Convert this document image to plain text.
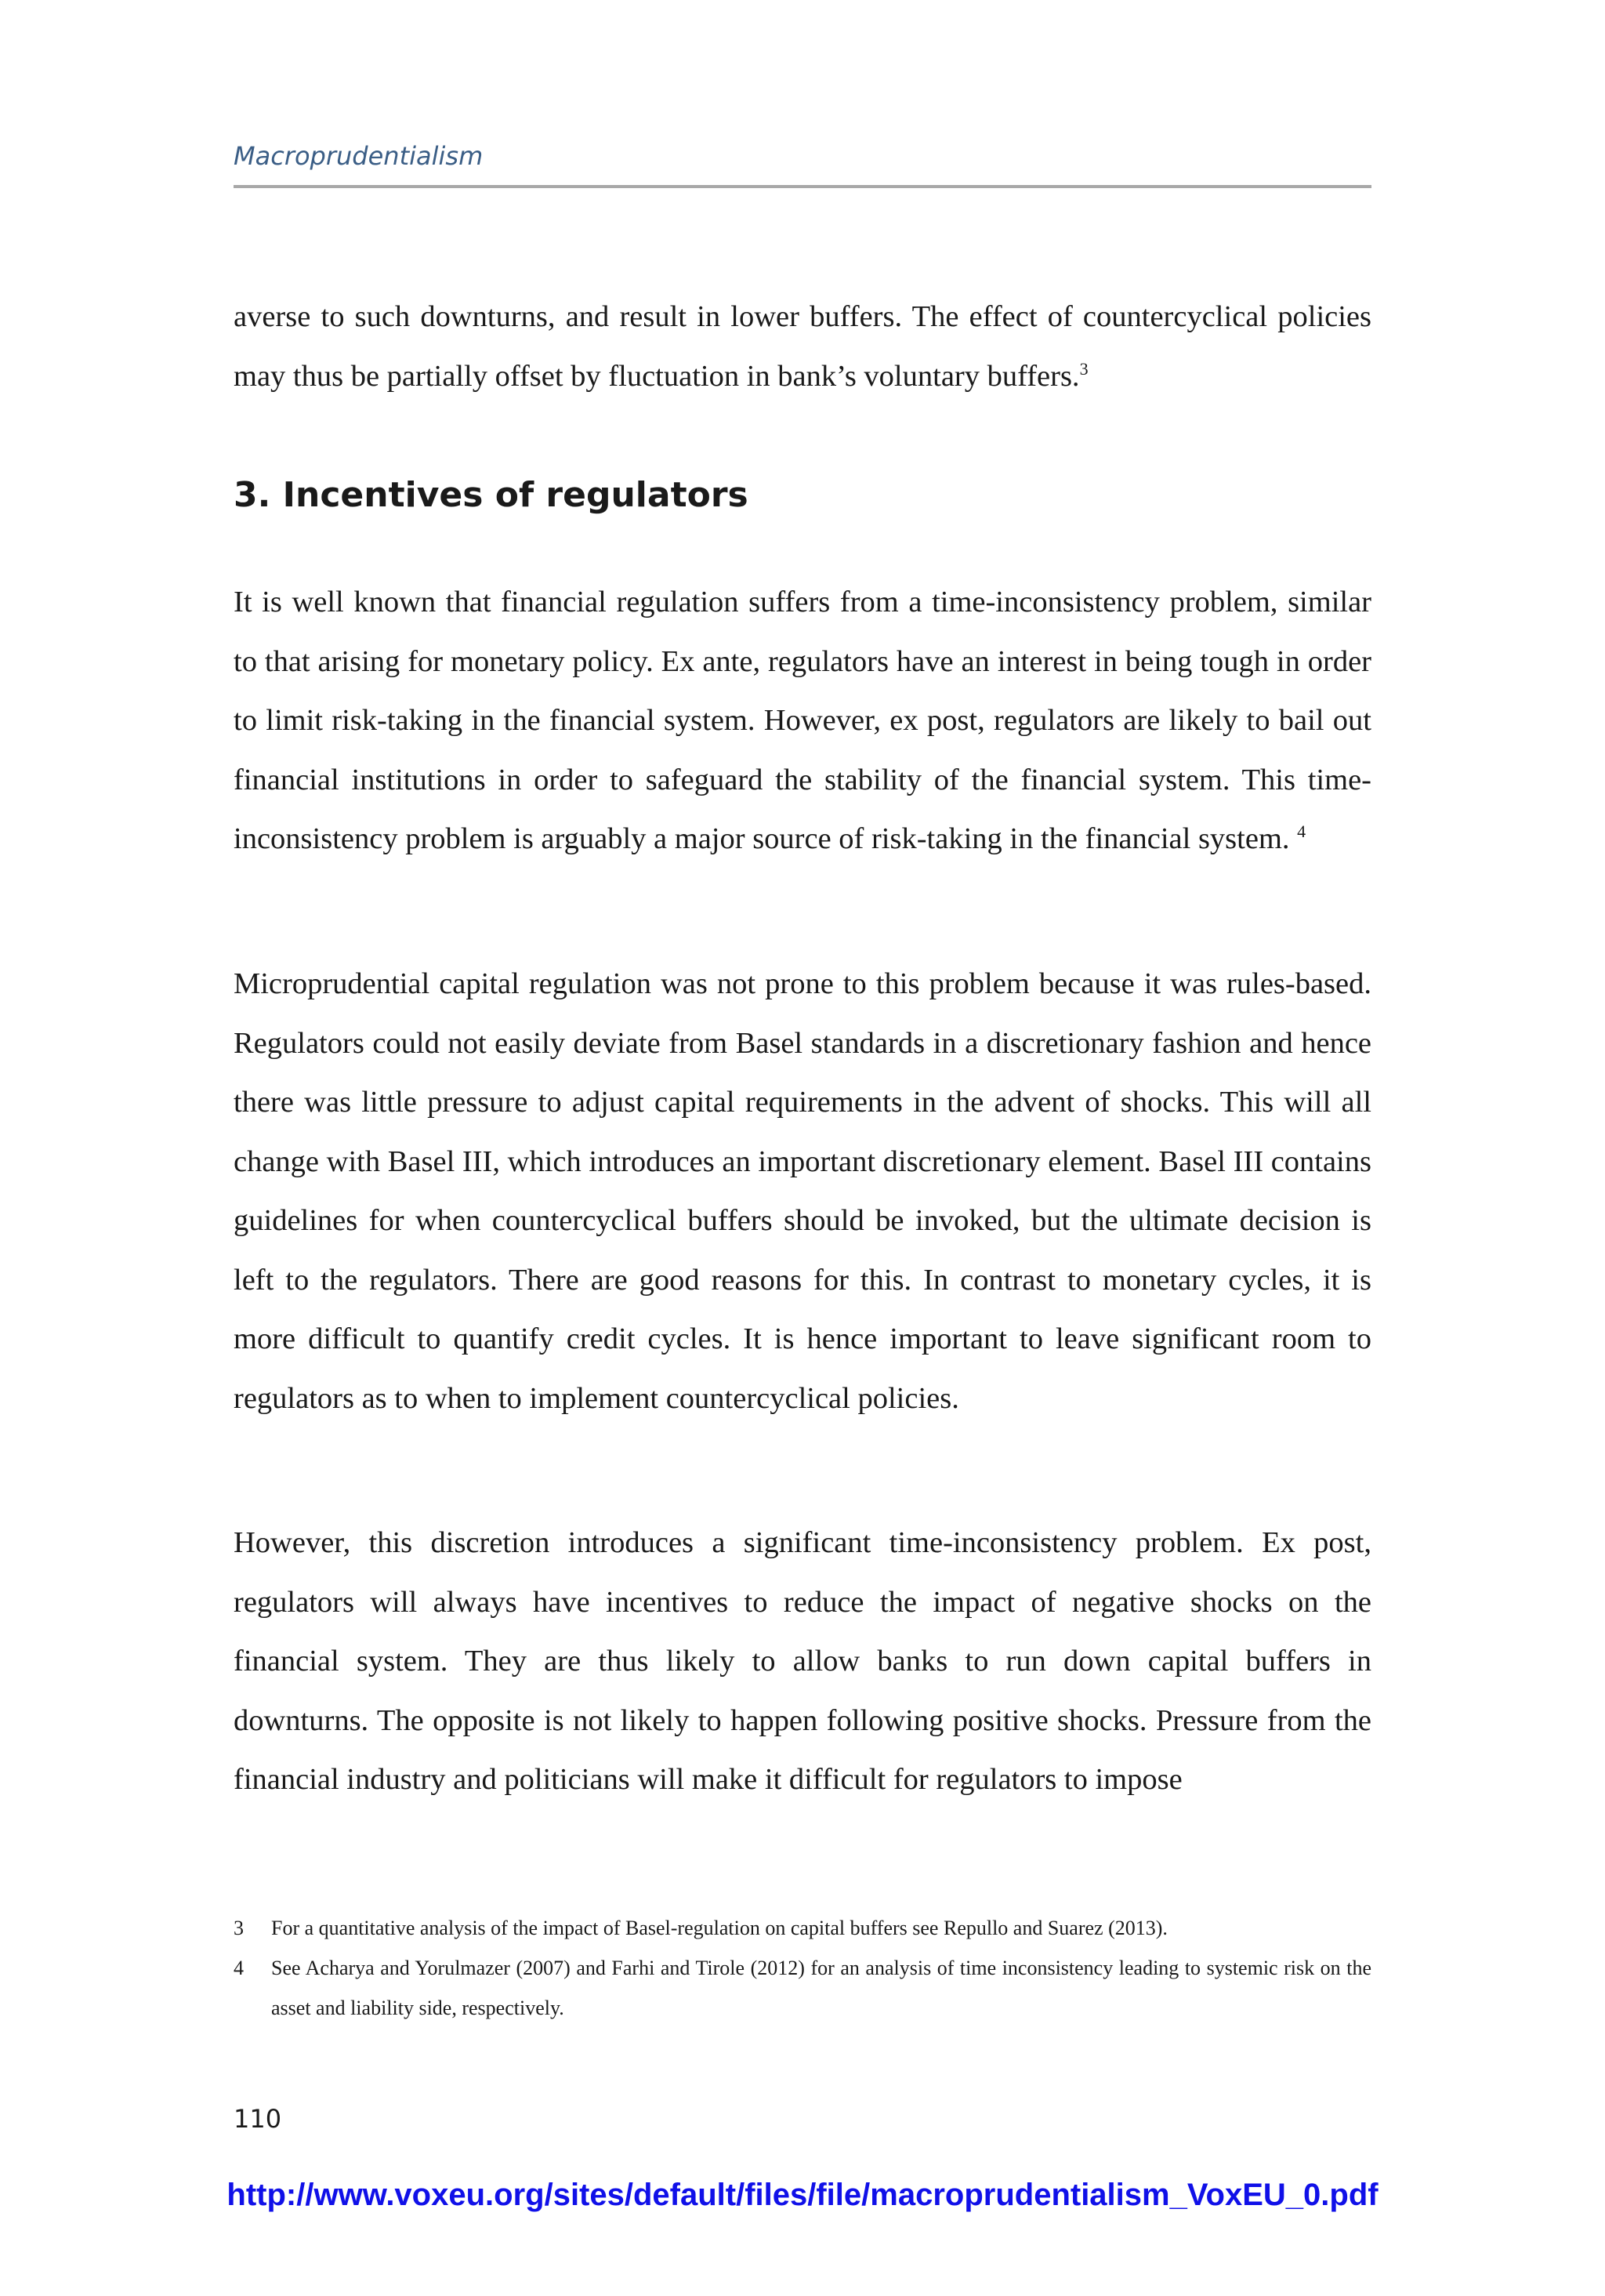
Macroprudentialism

averse to such downturns, and result in lower buffers. The effect of countercyclical policies may thus be partially offset by fluctuation in bank’s voluntary buffers.$^3$

3. Incentives of regulators

It is well known that financial regulation suffers from a time-inconsistency problem, similar to that arising for monetary policy. Ex ante, regulators have an interest in being tough in order to limit risk-taking in the financial system. However, ex post, regulators are likely to bail out financial institutions in order to safeguard the stability of the financial system. This time-inconsistency problem is arguably a major source of risk-taking in the financial system. $^4$

Microprudential capital regulation was not prone to this problem because it was rules-based. Regulators could not easily deviate from Basel standards in a discretionary fashion and hence there was little pressure to adjust capital requirements in the advent of shocks. This will all change with Basel III, which introduces an important discretionary element. Basel III contains guidelines for when countercyclical buffers should be invoked, but the ultimate decision is left to the regulators. There are good reasons for this. In contrast to monetary cycles, it is more difficult to quantify credit cycles. It is hence important to leave significant room to regulators as to when to implement countercyclical policies.

However, this discretion introduces a significant time-inconsistency problem. Ex post, regulators will always have incentives to reduce the impact of negative shocks on the financial system. They are thus likely to allow banks to run down capital buffers in downturns. The opposite is not likely to happen following positive shocks. Pressure from the financial industry and politicians will make it difficult for regulators to impose

3	For a quantitative analysis of the impact of Basel-regulation on capital buffers see Repullo and Suarez (2013).
4	See Acharya and Yorulmazer (2007) and Farhi and Tirole (2012) for an analysis of time inconsistency leading to systemic risk on the asset and liability side, respectively.
110
http://www.voxeu.org/sites/default/files/file/macroprudentialism_VoxEU_0.pdf
